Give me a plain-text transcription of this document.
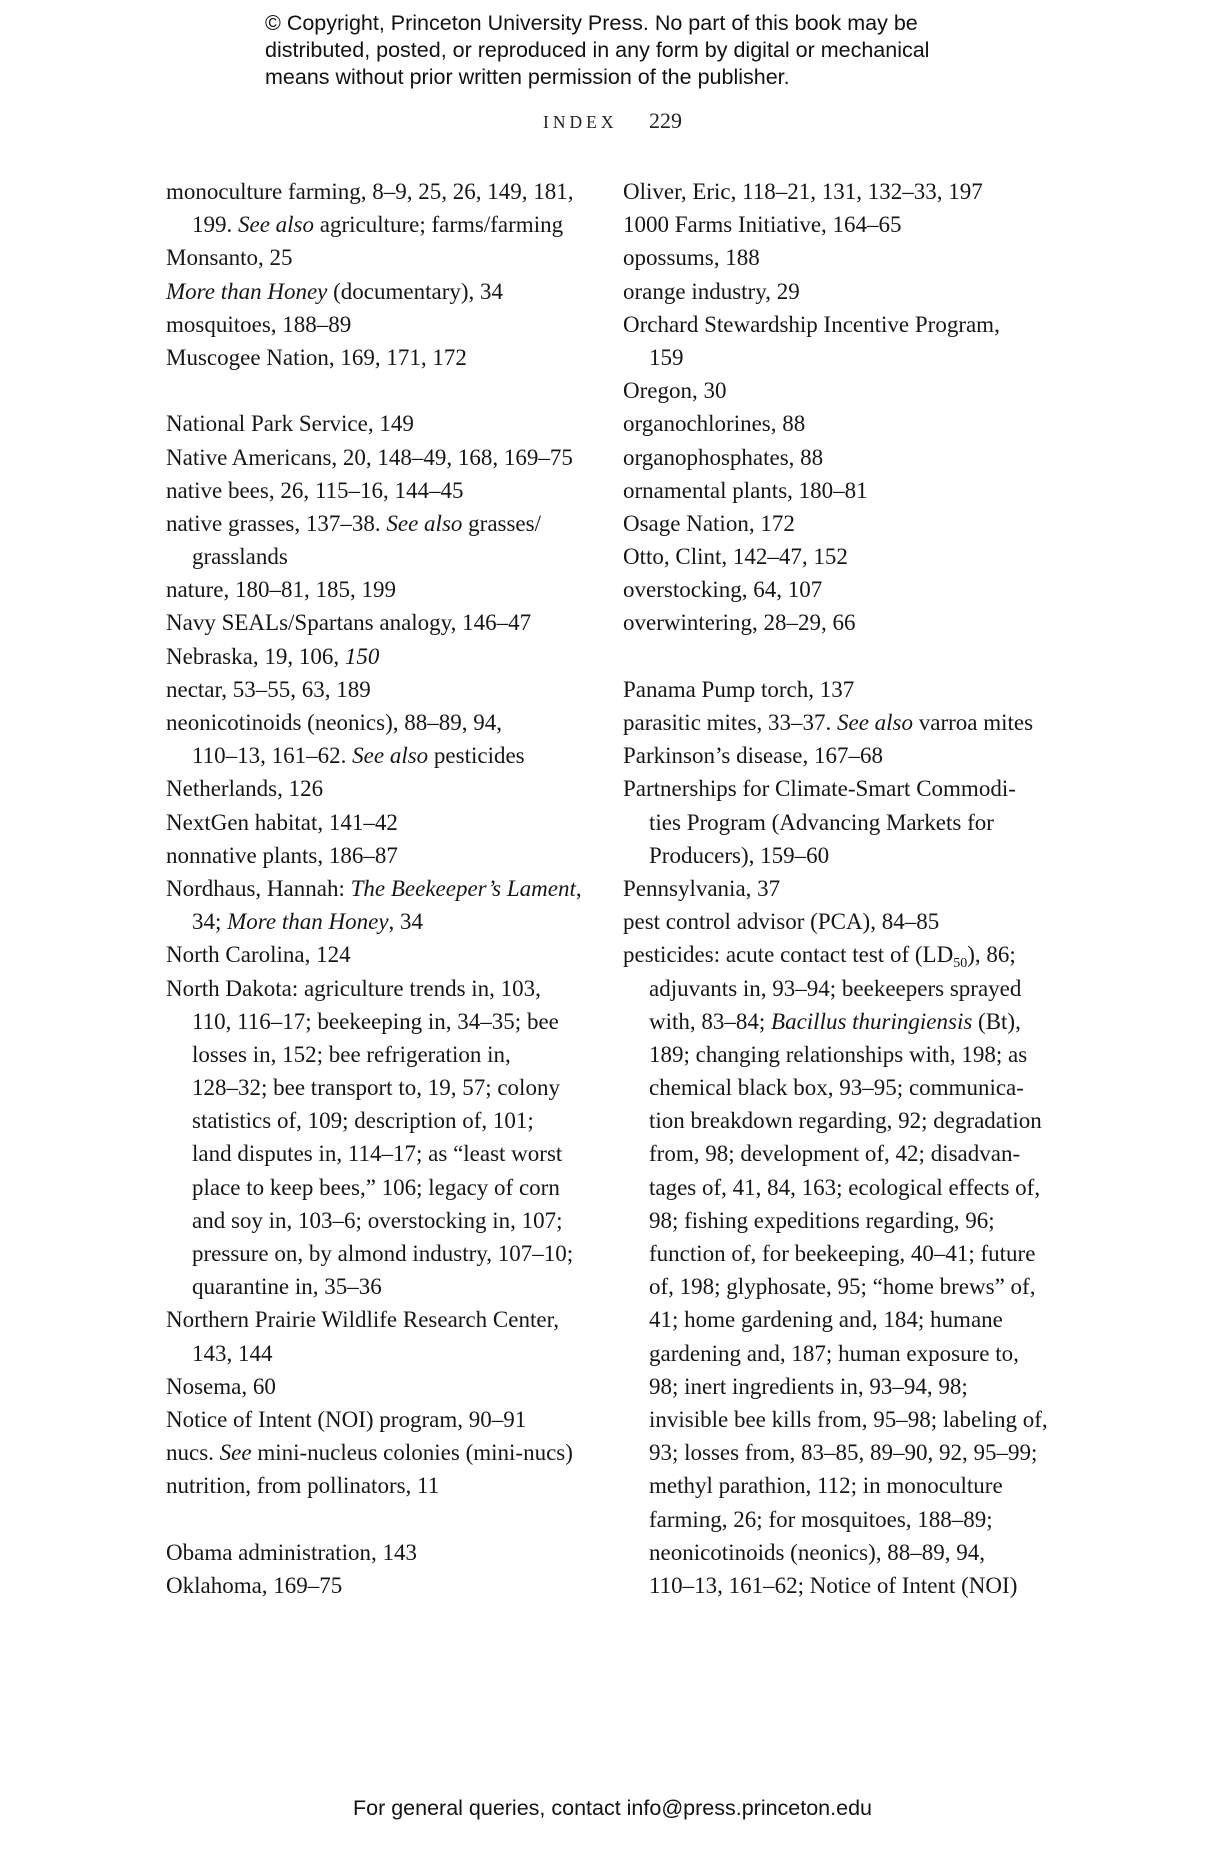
© Copyright, Princeton University Press. No part of this book may be
distributed, posted, or reproduced in any form by digital or mechanical
means without prior written permission of the publisher.
INDEX 229
monoculture farming, 8–9, 25, 26, 149, 181,
199. See also agriculture; farms/farming
Monsanto, 25
More than Honey (documentary), 34
mosquitoes, 188–89
Muscogee Nation, 169, 171, 172
National Park Service, 149
Native Americans, 20, 148–49, 168, 169–75
native bees, 26, 115–16, 144–45
native grasses, 137–38. See also grasses/
grasslands
nature, 180–81, 185, 199
Navy SEALs/Spartans analogy, 146–47
Nebraska, 19, 106, 150
nectar, 53–55, 63, 189
neonicotinoids (neonics), 88–89, 94,
110–13, 161–62. See also pesticides
Netherlands, 126
NextGen habitat, 141–42
nonnative plants, 186–87
Nordhaus, Hannah: The Beekeeper’s Lament,
34; More than Honey, 34
North Carolina, 124
North Dakota: agriculture trends in, 103,
110, 116–17; beekeeping in, 34–35; bee
losses in, 152; bee refrigeration in,
128–32; bee transport to, 19, 57; colony
statistics of, 109; description of, 101;
land disputes in, 114–17; as “least worst
place to keep bees,” 106; legacy of corn
and soy in, 103–6; overstocking in, 107;
pressure on, by almond industry, 107–10;
quarantine in, 35–36
Northern Prairie Wildlife Research Center,
143, 144
Nosema, 60
Notice of Intent (NOI) program, 90–91
nucs. See mini-nucleus colonies (mini-nucs)
nutrition, from pollinators, 11
Obama administration, 143
Oklahoma, 169–75
Oliver, Eric, 118–21, 131, 132–33, 197
1000 Farms Initiative, 164–65
opossums, 188
orange industry, 29
Orchard Stewardship Incentive Program,
159
Oregon, 30
organochlorines, 88
organophosphates, 88
ornamental plants, 180–81
Osage Nation, 172
Otto, Clint, 142–47, 152
overstocking, 64, 107
overwintering, 28–29, 66
Panama Pump torch, 137
parasitic mites, 33–37. See also varroa mites
Parkinson’s disease, 167–68
Partnerships for Climate-Smart Commodi-
ties Program (Advancing Markets for
Producers), 159–60
Pennsylvania, 37
pest control advisor (PCA), 84–85
pesticides: acute contact test of $(LD_{50})$, 86;
adjuvants in, 93–94; beekeepers sprayed
with, 83–84; Bacillus thuringiensis (Bt),
189; changing relationships with, 198; as
chemical black box, 93–95; communica-
tion breakdown regarding, 92; degradation
from, 98; development of, 42; disadvan-
tages of, 41, 84, 163; ecological effects of,
98; fishing expeditions regarding, 96;
function of, for beekeeping, 40–41; future
of, 198; glyphosate, 95; “home brews” of,
41; home gardening and, 184; humane
gardening and, 187; human exposure to,
98; inert ingredients in, 93–94, 98;
invisible bee kills from, 95–98; labeling of,
93; losses from, 83–85, 89–90, 92, 95–99;
methyl parathion, 112; in monoculture
farming, 26; for mosquitoes, 188–89;
neonicotinoids (neonics), 88–89, 94,
110–13, 161–62; Notice of Intent (NOI)
For general queries, contact info@press.princeton.edu
